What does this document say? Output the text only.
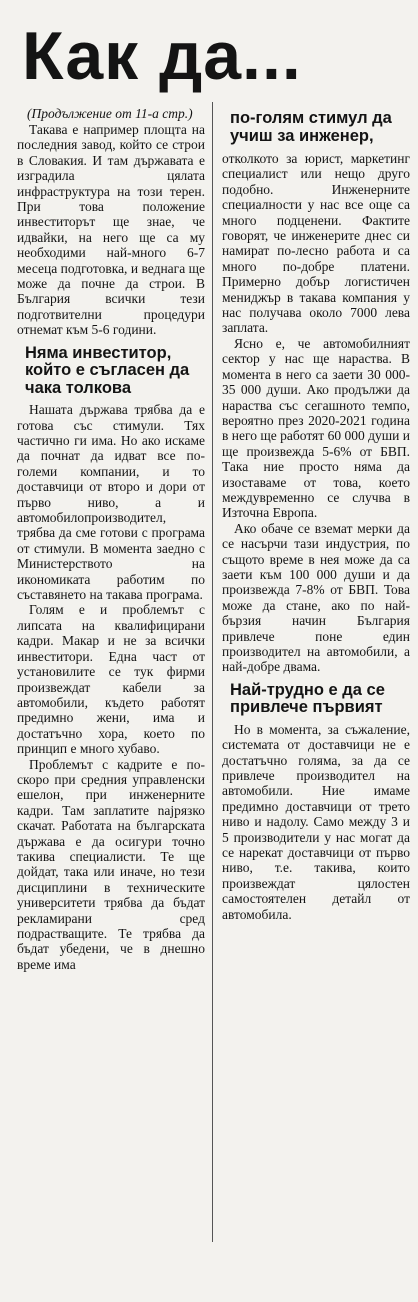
Как да...
(Продължение от 11-а стр.)

Такава е например площта на последния завод, който се строи в Словакия. И там държавата е изградила цялата инфраструктура на този терен. При това положение инвеститорът ще знае, че идвайки, на него ще са му необходими най-много 6-7 месеца подготовка, и веднага ще може да почне да строи. В България всички тези подготвителни процедури отнемат към 5-6 години.

Няма инвеститор, който е съгласен да чака толкова

Нашата държава трябва да е готова със стимули. Тях частично ги има. Но ако искаме да почнат да идват все по-големи компании, и то доставчици от второ и дори от първо ниво, а и автомобилопроизводител, трябва да сме готови с програма от стимули. В момента заедно с Министерството на икономиката работим по съставянето на такава програма.

Голям е и проблемът с липсата на квалифицирани кадри. Макар и не за всички инвеститори. Една част от установилите се тук фирми произвеждат кабели за автомобили, където работят предимно жени, има и достатъчно хора, което по принцип е много хубаво.

Проблемът с кадрите е по-скоро при средния управленски ешелон, при инженерните кадри. Там заплатите najрязко скачат. Работата на българската държава е да осигури точно такива специалисти. Те ще дойдат, така или иначе, но тези дисциплини в техническите университети трябва да бъдат рекламирани сред подрастващите. Те трябва да бъдат убедени, че в днешно време има

по-голям стимул да учиш за инженер,

отколкото за юрист, маркетинг специалист или нещо друго подобно. Инженерните специалности у нас все още са много подценени. Фактите говорят, че инженерите днес си намират по-лесно работа и са много по-добре платени. Примерно добър логистичен мениджър в такава компания у нас получава около 7000 лева заплата.

Ясно е, че автомобилният сектор у нас ще нараства. В момента в него са заети 30 000-35 000 души. Ако продължи да нараства със сегашното темпо, вероятно през 2020-2021 година в него ще работят 60 000 души и ще произвежда 5-6% от БВП. Така ние просто няма да изоставаме от това, което междувременно се случва в Източна Европа.

Ако обаче се вземат мерки да се насърчи тази индустрия, по същото време в нея може да са заети към 100 000 души и да произвежда 7-8% от БВП. Това може да стане, ако по най-бързия начин България привлече поне един производител на автомобили, а най-добре двама.

Най-трудно е да се привлече първият

Но в момента, за съжаление, системата от доставчици не е достатъчно голяма, за да се привлече производител на автомобили. Ние имаме предимно доставчици от трето ниво и надолу. Само между 3 и 5 производители у нас могат да се нарекат доставчици от първо ниво, т.е. такива, които произвеждат цялостен самостоятелен детайл от автомобила.
